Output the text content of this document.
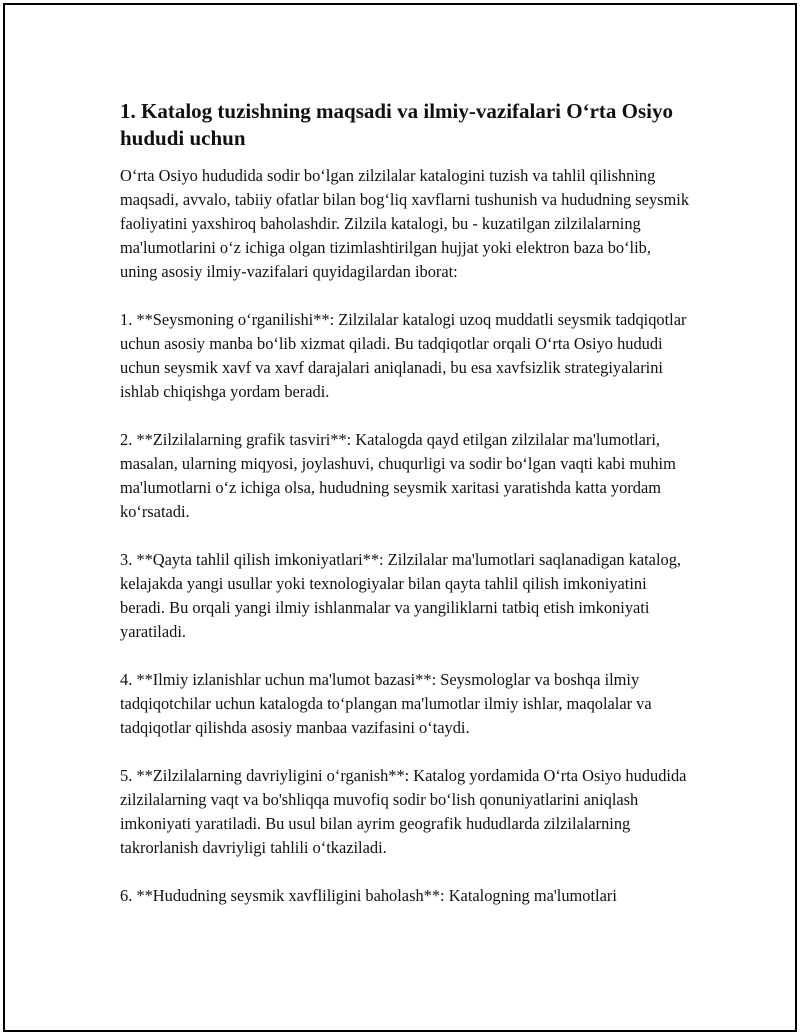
1. Katalog tuzishning maqsadi va ilmiy-vazifalari O‘rta Osiyo hududi uchun

O‘rta Osiyo hududida sodir bo‘lgan zilzilalar katalogini tuzish va tahlil qilishning maqsadi, avvalo, tabiiy ofatlar bilan bog‘liq xavflarni tushunish va hududning seysmik faoliyatini yaxshiroq baholashdir. Zilzila katalogi, bu - kuzatilgan zilzilalarning ma'lumotlarini o‘z ichiga olgan tizimlashtirilgan hujjat yoki elektron baza bo‘lib, uning asosiy ilmiy-vazifalari quyidagilardan iborat:

1. **Seysmoning o‘rganilishi**: Zilzilalar katalogi uzoq muddatli seysmik tadqiqotlar uchun asosiy manba bo‘lib xizmat qiladi. Bu tadqiqotlar orqali O‘rta Osiyo hududi uchun seysmik xavf va xavf darajalari aniqlanadi, bu esa xavfsizlik strategiyalarini ishlab chiqishga yordam beradi.

2. **Zilzilalarning grafik tasviri**: Katalogda qayd etilgan zilzilalar ma'lumotlari, masalan, ularning miqyosi, joylashuvi, chuqurligi va sodir bo‘lgan vaqti kabi muhim ma'lumotlarni o‘z ichiga olsa, hududning seysmik xaritasi yaratishda katta yordam ko‘rsatadi.

3. **Qayta tahlil qilish imkoniyatlari**: Zilzilalar ma'lumotlari saqlanadigan katalog, kelajakda yangi usullar yoki texnologiyalar bilan qayta tahlil qilish imkoniyatini beradi. Bu orqali yangi ilmiy ishlanmalar va yangiliklarni tatbiq etish imkoniyati yaratiladi.

4. **Ilmiy izlanishlar uchun ma'lumot bazasi**: Seysmologlar va boshqa ilmiy tadqiqotchilar uchun katalogda to‘plangan ma'lumotlar ilmiy ishlar, maqolalar va tadqiqotlar qilishda asosiy manbaa vazifasini o‘taydi.

5. **Zilzilalarning davriyligini o‘rganish**: Katalog yordamida O‘rta Osiyo hududida zilzilalarning vaqt va bo'shliqqa muvofiq sodir bo‘lish qonuniyatlarini aniqlash imkoniyati yaratiladi. Bu usul bilan ayrim geografik hududlarda zilzilalarning takrorlanish davriyligi tahlili o‘tkaziladi.

6. **Hududning seysmik xavfliligini baholash**: Katalogning ma'lumotlari
